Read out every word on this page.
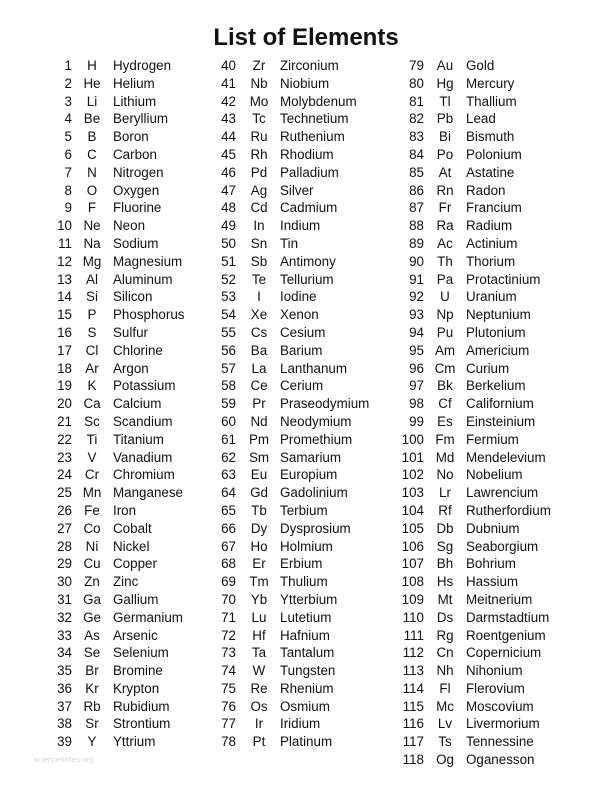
List of Elements
1	H	Hydrogen
2 He Helium
3	Li	Lithium
4 Be Beryllium
5	B	Boron
6	C	Carbon
7	N	Nitrogen
8	O	Oxygen
9	F	Fluorine
10 Ne Neon
11 Na Sodium
12 Mg Magnesium
13	Al	Aluminum
14	Si	Silicon
15	P	Phosphorus
16	S	Sulfur
17	Cl	Chlorine
18 Ar	Argon
19	K	Potassium
20 Ca Calcium
21 Sc Scandium
22	Ti	Titanium
23	V	Vanadium
24 Cr	Chromium
25 Mn Manganese
26 Fe Iron
27 Co Cobalt
28	Ni	Nickel
29 Cu Copper
30 Zn Zinc
31 Ga Gallium
32 Ge Germanium
33 As Arsenic
34 Se Selenium
35 Br	Bromine
36 Kr	Krypton
37 Rb Rubidium
38 Sr	Strontium
39	Y	Yttrium
40	Zr	Zirconium
41	Nb Niobium
42	Mo Molybdenum
43	Tc	Technetium
44	Ru Ruthenium
45	Rh Rhodium
46	Pd Palladium
47	Ag Silver
48	Cd Cadmium
49	In	Indium
50	Sn Tin
51	Sb Antimony
52	Te	Tellurium
53	I	Iodine
54	Xe Xenon
55	Cs Cesium
56	Ba Barium
57	La	Lanthanum
58	Ce Cerium
59	Pr	Praseodymium
60	Nd Neodymium
61 Pm Promethium
62 Sm Samarium
63	Eu Europium
64	Gd Gadolinium
65	Tb Terbium
66	Dy Dysprosium
67	Ho Holmium
68	Er	Erbium
69 Tm Thulium
70	Yb Ytterbium
71	Lu	Lutetium
72	Hf	Hafnium
73	Ta	Tantalum
74	W	Tungsten
75	Re Rhenium
76	Os Osmium
77	Ir	Iridium
78	Pt	Platinum
79 Au Gold
80 Hg Mercury
81	Tl	Thallium
82 Pb Lead
83	Bi	Bismuth
84 Po Polonium
85	At	Astatine
86 Rn Radon
87	Fr	Francium
88 Ra Radium
89 Ac Actinium
90 Th Thorium
91 Pa Protactinium
92	U	Uranium
93 Np Neptunium
94 Pu Plutonium
95 Am Americium
96 Cm Curium
97 Bk Berkelium
98	Cf	Californium
99 Es Einsteinium
100 Fm Fermium
101 Md Mendelevium
102 No Nobelium
103	Lr	Lawrencium
104	Rf	Rutherfordium
105 Db Dubnium
106 Sg Seaborgium
107 Bh Bohrium
108 Hs Hassium
109	Mt	Meitnerium
110 Ds Darmstadtium
111 Rg Roentgenium
112 Cn Copernicium
113 Nh Nihonium
114	Fl	Flerovium
115 Mc Moscovium
116	Lv	Livermorium
117	Ts	Tennessine
118 Og Oganesson
sciencenotes.org
